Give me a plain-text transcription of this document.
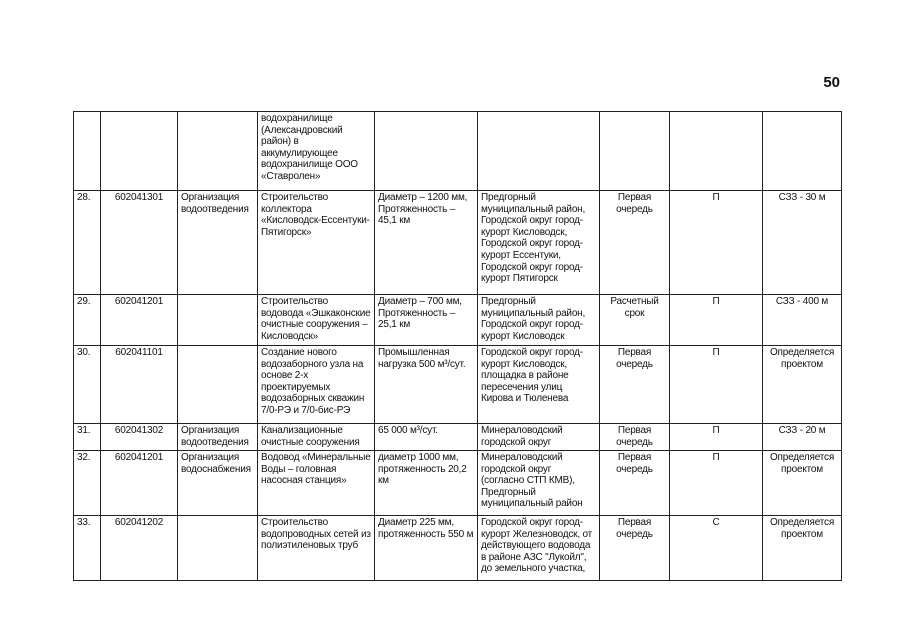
50
			водохранилище (Александровский район) в аккумулирующее водохранилище ООО «Ставролен»					
28.	602041301	Организация водоотведения	Строительство коллектора «Кисловодск-Ессентуки-Пятигорск»	Диаметр – 1200 мм, Протяженность – 45,1 км	Предгорный муниципальный район, Городской округ город-курорт Кисловодск, Городской округ город-курорт Ессентуки, Городской округ город-курорт Пятигорск	Первая очередь	П	СЗЗ - 30 м
29.	602041201		Строительство водовода «Эшкаконские очистные сооружения – Кисловодск»	Диаметр – 700 мм, Протяженность – 25,1 км	Предгорный муниципальный район, Городской округ город-курорт Кисловодск	Расчетный срок	П	СЗЗ - 400 м
30.	602041101		Создание нового водозаборного узла на основе 2-х проектируемых водозаборных скважин 7/0-РЭ и 7/0-бис-РЭ	Промышленная нагрузка 500 м³/сут.	Городской округ город-курорт Кисловодск, площадка в районе пересечения улиц Кирова и Тюленева	Первая очередь	П	Определяется проектом
31.	602041302	Организация водоотведения	Канализационные очистные сооружения	65 000 м³/сут.	Минераловодский городской округ	Первая очередь	П	СЗЗ - 20 м
32.	602041201	Организация водоснабжения	Водовод «Минеральные Воды – головная насосная станция»	диаметр 1000 мм, протяженность 20,2 км	Минераловодский городской округ (согласно СТП КМВ), Предгорный муниципальный район	Первая очередь	П	Определяется проектом
33.	602041202		Строительство водопроводных сетей из полиэтиленовых труб	Диаметр 225 мм, протяженность 550 м	Городской округ город-курорт Железноводск, от действующего водовода в районе АЗС "Лукойл", до земельного участка,	Первая очередь	С	Определяется проектом
